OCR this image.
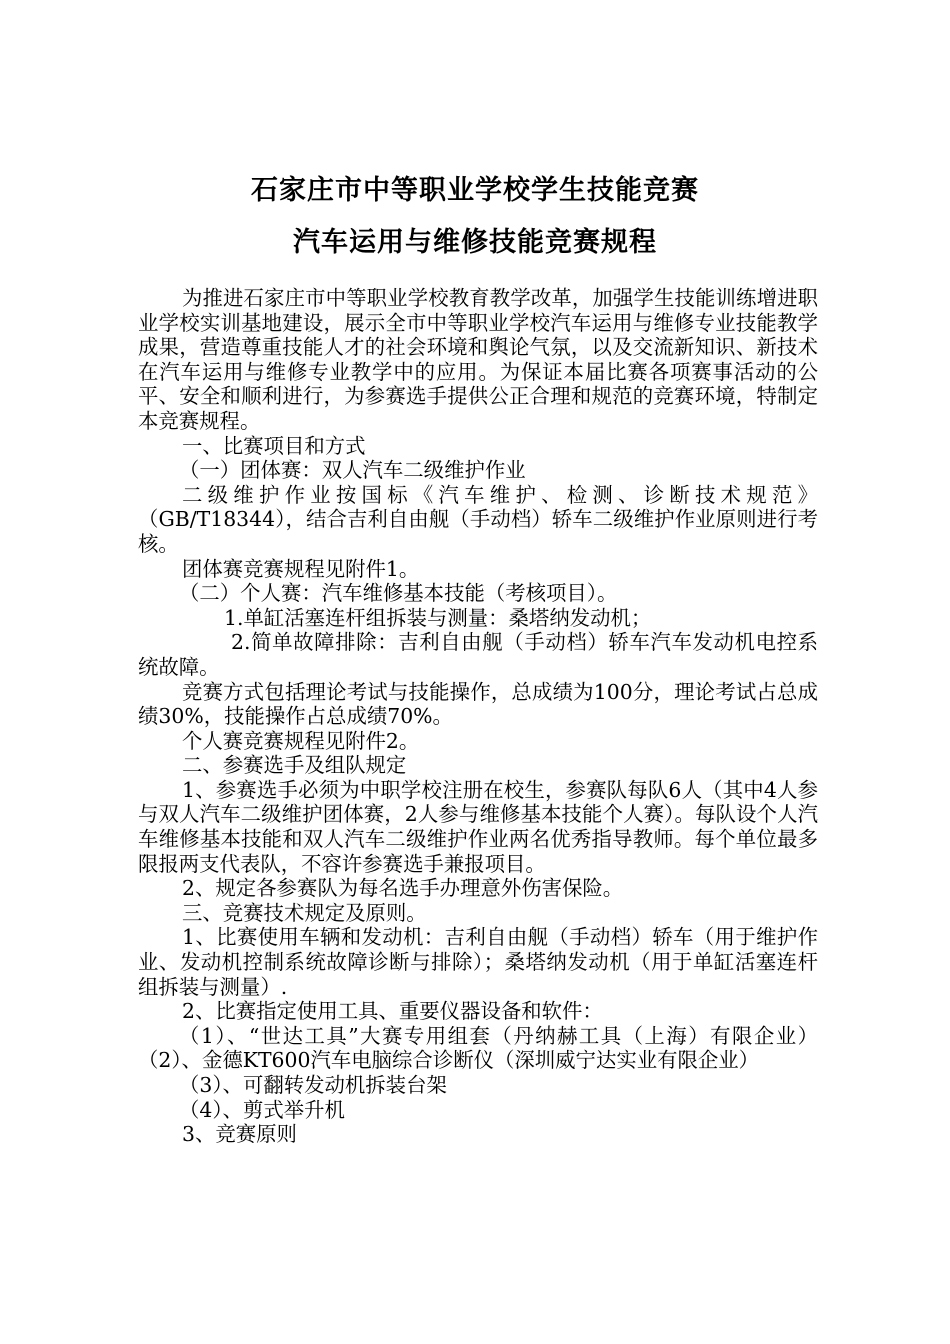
石家庄市中等职业学校学生技能竞赛
汽车运用与维修技能竞赛规程

为推进石家庄市中等职业学校教育教学改革，加强学生技能训练增进职业学校实训基地建设，展示全市中等职业学校汽车运用与维修专业技能教学成果，营造尊重技能人才的社会环境和舆论气氛，以及交流新知识、新技术在汽车运用与维修专业教学中的应用。为保证本届比赛各项赛事活动的公平、安全和顺利进行，为参赛选手提供公正合理和规范的竞赛环境，特制定本竞赛规程。

一、比赛项目和方式

（一）团体赛：双人汽车二级维护作业

二级维护作业按国标《汽车维护、检测、诊断技术规范》（GB/T18344），结合吉利自由舰（手动档）轿车二级维护作业原则进行考核。

团体赛竞赛规程见附件1。

（二）个人赛：汽车维修基本技能（考核项目）。

1.单缸活塞连杆组拆装与测量：桑塔纳发动机；

2.简单故障排除：吉利自由舰（手动档）轿车汽车发动机电控系统故障。

竞赛方式包括理论考试与技能操作，总成绩为100分，理论考试占总成绩30%，技能操作占总成绩70%。

个人赛竞赛规程见附件2。

二、参赛选手及组队规定

1、参赛选手必须为中职学校注册在校生，参赛队每队6人（其中4人参与双人汽车二级维护团体赛，2人参与维修基本技能个人赛）。每队设个人汽车维修基本技能和双人汽车二级维护作业两名优秀指导教师。每个单位最多限报两支代表队，不容许参赛选手兼报项目。

2、规定各参赛队为每名选手办理意外伤害保险。

三、竞赛技术规定及原则。

1、比赛使用车辆和发动机：吉利自由舰（手动档）轿车（用于维护作业、发动机控制系统故障诊断与排除）；桑塔纳发动机（用于单缸活塞连杆组拆装与测量）.

2、比赛指定使用工具、重要仪器设备和软件：

（1）、“世达工具”大赛专用组套（丹纳赫工具（上海）有限企业）（2）、金德KT600汽车电脑综合诊断仪（深圳威宁达实业有限企业）

（3）、可翻转发动机拆装台架

（4）、剪式举升机

3、竞赛原则
